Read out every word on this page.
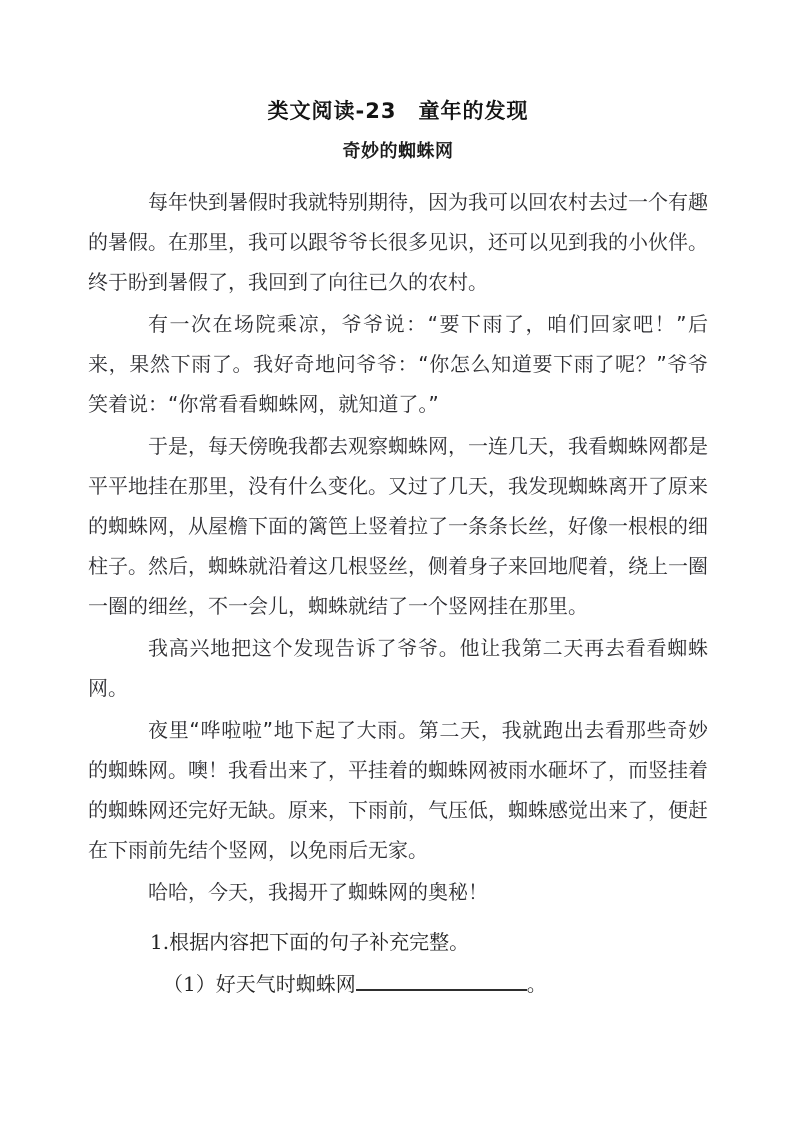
类文阅读-23　童年的发现
奇妙的蜘蛛网

每年快到暑假时我就特别期待，因为我可以回农村去过一个有趣的暑假。在那里，我可以跟爷爷长很多见识，还可以见到我的小伙伴。终于盼到暑假了，我回到了向往已久的农村。

有一次在场院乘凉，爷爷说：“要下雨了，咱们回家吧！”后来，果然下雨了。我好奇地问爷爷：“你怎么知道要下雨了呢？”爷爷笑着说：“你常看看蜘蛛网，就知道了。”

于是，每天傍晚我都去观察蜘蛛网，一连几天，我看蜘蛛网都是平平地挂在那里，没有什么变化。又过了几天，我发现蜘蛛离开了原来的蜘蛛网，从屋檐下面的篱笆上竖着拉了一条条长丝，好像一根根的细柱子。然后，蜘蛛就沿着这几根竖丝，侧着身子来回地爬着，绕上一圈一圈的细丝，不一会儿，蜘蛛就结了一个竖网挂在那里。

我高兴地把这个发现告诉了爷爷。他让我第二天再去看看蜘蛛网。

夜里“哗啦啦”地下起了大雨。第二天，我就跑出去看那些奇妙的蜘蛛网。噢！我看出来了，平挂着的蜘蛛网被雨水砸坏了，而竖挂着的蜘蛛网还完好无缺。原来，下雨前，气压低，蜘蛛感觉出来了，便赶在下雨前先结个竖网，以免雨后无家。

哈哈，今天，我揭开了蜘蛛网的奥秘！

1.根据内容把下面的句子补充完整。

（1）好天气时蜘蛛网	。
